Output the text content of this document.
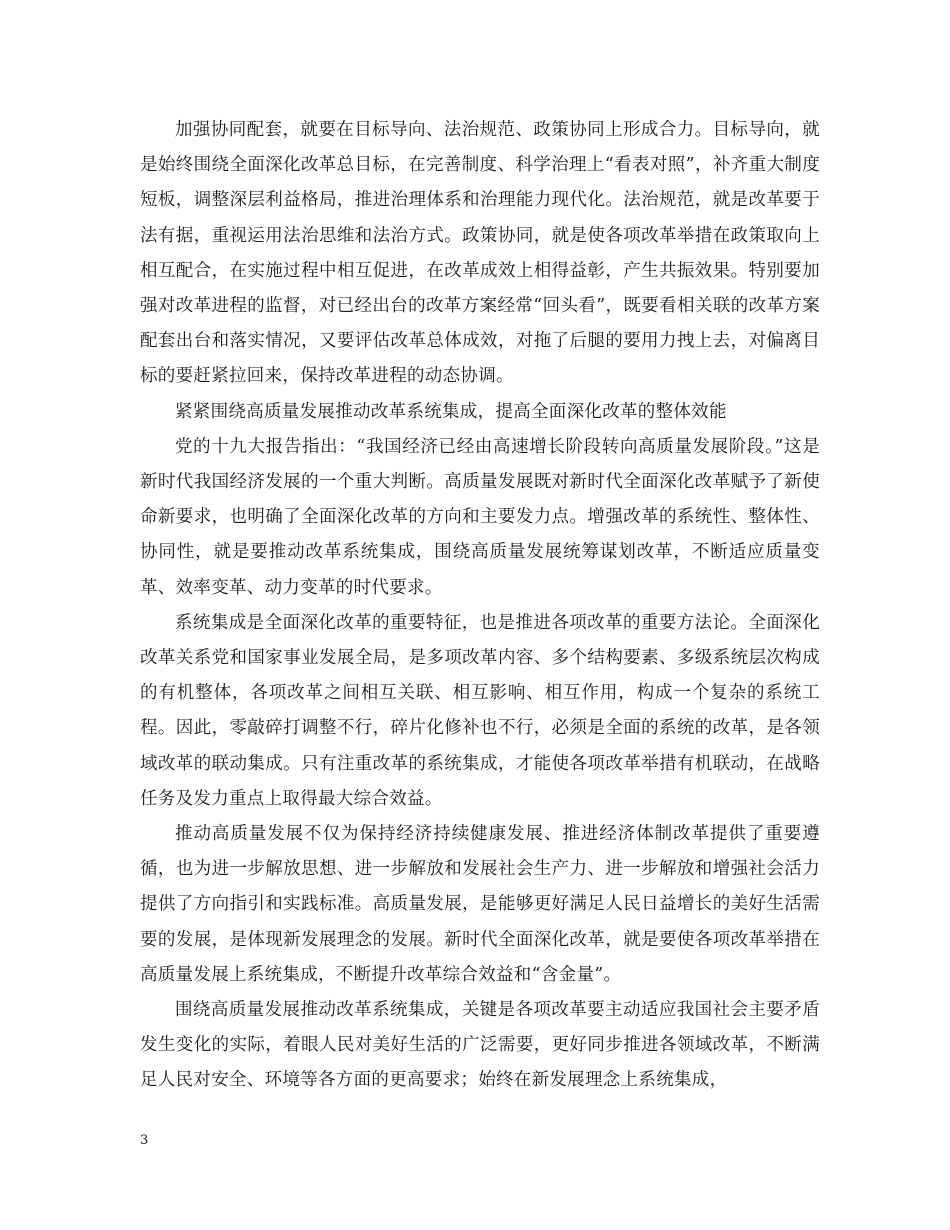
加强协同配套，就要在目标导向、法治规范、政策协同上形成合力。目标导向，就是始终围绕全面深化改革总目标，在完善制度、科学治理上“看表对照”，补齐重大制度短板，调整深层利益格局，推进治理体系和治理能力现代化。法治规范，就是改革要于法有据，重视运用法治思维和法治方式。政策协同，就是使各项改革举措在政策取向上相互配合，在实施过程中相互促进，在改革成效上相得益彰，产生共振效果。特别要加强对改革进程的监督，对已经出台的改革方案经常“回头看”，既要看相关联的改革方案配套出台和落实情况，又要评估改革总体成效，对拖了后腿的要用力拽上去，对偏离目标的要赶紧拉回来，保持改革进程的动态协调。

紧紧围绕高质量发展推动改革系统集成，提高全面深化改革的整体效能

党的十九大报告指出：“我国经济已经由高速增长阶段转向高质量发展阶段。”这是新时代我国经济发展的一个重大判断。高质量发展既对新时代全面深化改革赋予了新使命新要求，也明确了全面深化改革的方向和主要发力点。增强改革的系统性、整体性、协同性，就是要推动改革系统集成，围绕高质量发展统筹谋划改革，不断适应质量变革、效率变革、动力变革的时代要求。

系统集成是全面深化改革的重要特征，也是推进各项改革的重要方法论。全面深化改革关系党和国家事业发展全局，是多项改革内容、多个结构要素、多级系统层次构成的有机整体，各项改革之间相互关联、相互影响、相互作用，构成一个复杂的系统工程。因此，零敲碎打调整不行，碎片化修补也不行，必须是全面的系统的改革，是各领域改革的联动集成。只有注重改革的系统集成，才能使各项改革举措有机联动，在战略任务及发力重点上取得最大综合效益。

推动高质量发展不仅为保持经济持续健康发展、推进经济体制改革提供了重要遵循，也为进一步解放思想、进一步解放和发展社会生产力、进一步解放和增强社会活力提供了方向指引和实践标准。高质量发展，是能够更好满足人民日益增长的美好生活需要的发展，是体现新发展理念的发展。新时代全面深化改革，就是要使各项改革举措在高质量发展上系统集成，不断提升改革综合效益和“含金量”。

围绕高质量发展推动改革系统集成，关键是各项改革要主动适应我国社会主要矛盾发生变化的实际，着眼人民对美好生活的广泛需要，更好同步推进各领域改革，不断满足人民对安全、环境等各方面的更高要求；始终在新发展理念上系统集成，

3
